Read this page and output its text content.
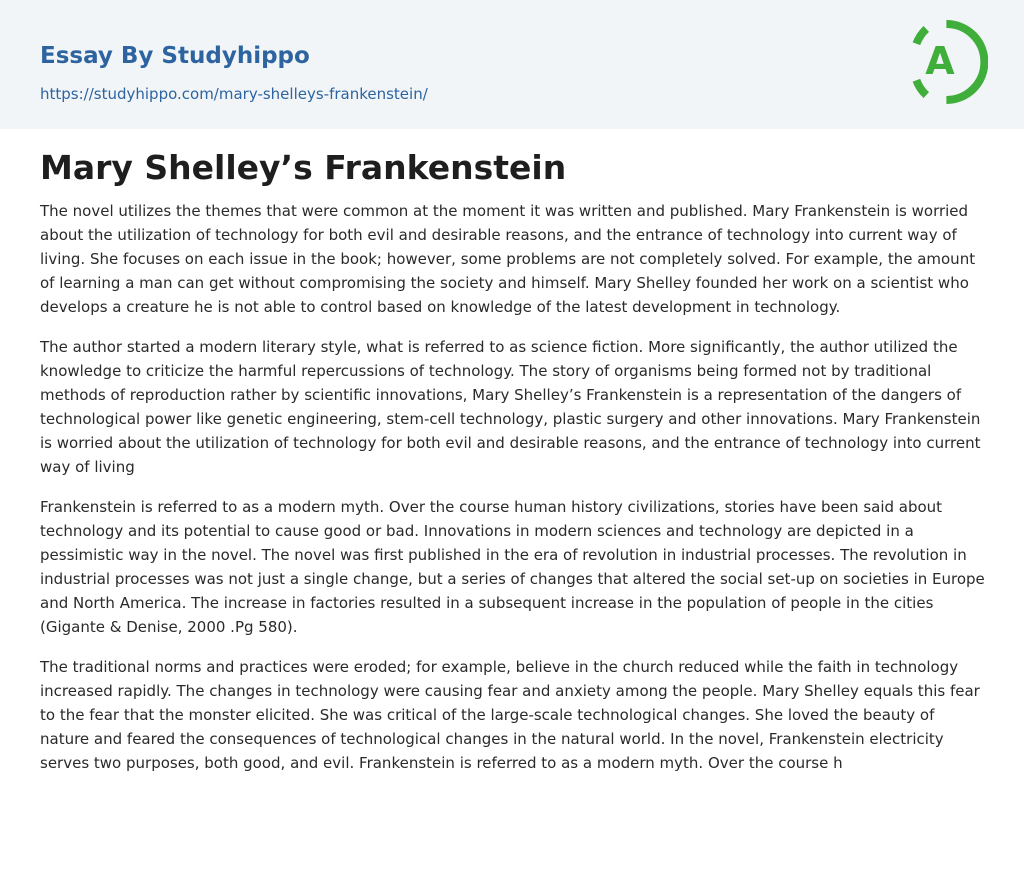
Essay By Studyhippo
https://studyhippo.com/mary-shelleys-frankenstein/
A
Mary Shelley’s Frankenstein

The novel utilizes the themes that were common at the moment it was written and published. Mary Frankenstein is worried about the utilization of technology for both evil and desirable reasons, and the entrance of technology into current way of living. She focuses on each issue in the book; however, some problems are not completely solved. For example, the amount of learning a man can get without compromising the society and himself. Mary Shelley founded her work on a scientist who develops a creature he is not able to control based on knowledge of the latest development in technology.

The author started a modern literary style, what is referred to as science fiction. More significantly, the author utilized the knowledge to criticize the harmful repercussions of technology. The story of organisms being formed not by traditional methods of reproduction rather by scientific innovations, Mary Shelley’s Frankenstein is a representation of the dangers of technological power like genetic engineering, stem-cell technology, plastic surgery and other innovations. Mary Frankenstein is worried about the utilization of technology for both evil and desirable reasons, and the entrance of technology into current way of living

Frankenstein is referred to as a modern myth. Over the course human history civilizations, stories have been said about technology and its potential to cause good or bad. Innovations in modern sciences and technology are depicted in a pessimistic way in the novel. The novel was first published in the era of revolution in industrial processes. The revolution in industrial processes was not just a single change, but a series of changes that altered the social set-up on societies in Europe and North America. The increase in factories resulted in a subsequent increase in the population of people in the cities (Gigante & Denise, 2000 .Pg 580).

The traditional norms and practices were eroded; for example, believe in the church reduced while the faith in technology increased rapidly. The changes in technology were causing fear and anxiety among the people. Mary Shelley equals this fear to the fear that the monster elicited. She was critical of the large-scale technological changes. She loved the beauty of nature and feared the consequences of technological changes in the natural world. In the novel, Frankenstein electricity serves two purposes, both good, and evil. Frankenstein is referred to as a modern myth. Over the course h
